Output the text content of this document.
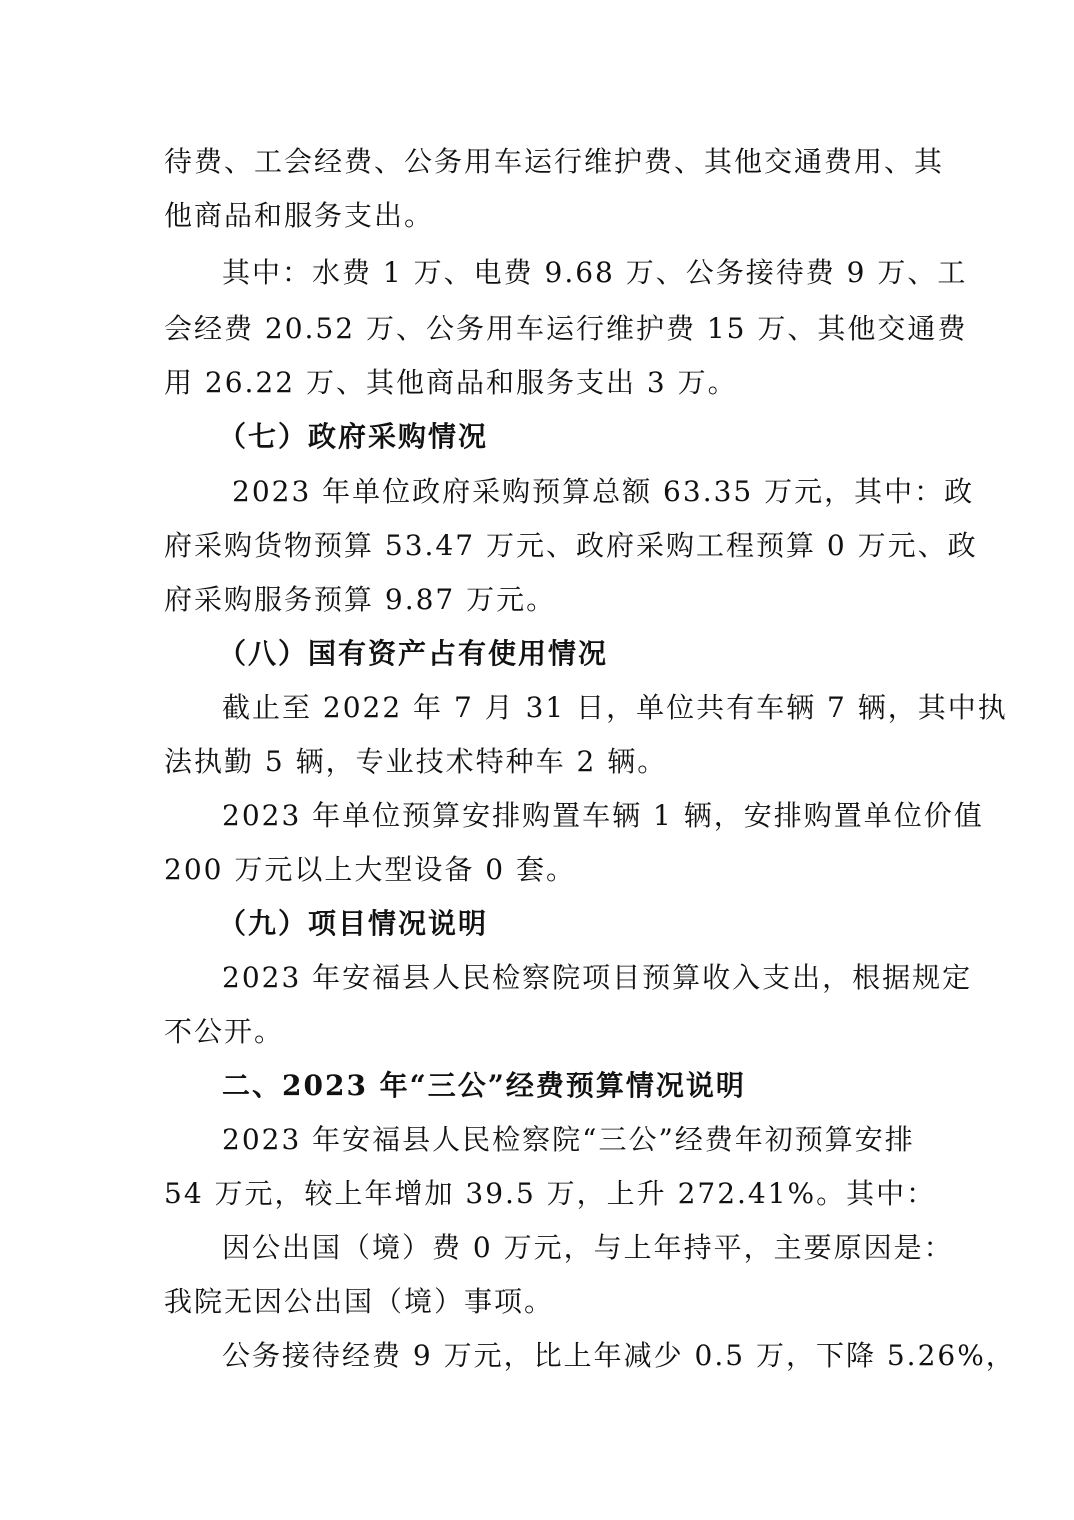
待费、工会经费、公务用车运行维护费、其他交通费用、其
他商品和服务支出。
其中：水费 1 万、电费 9.68 万、公务接待费 9 万、工
会经费 20.52 万、公务用车运行维护费 15 万、其他交通费
用 26.22 万、其他商品和服务支出 3 万。
（七）政府采购情况
2023 年单位政府采购预算总额 63.35 万元，其中：政
府采购货物预算 53.47 万元、政府采购工程预算 0 万元、政
府采购服务预算 9.87 万元。
（八）国有资产占有使用情况
截止至 2022 年 7 月 31 日，单位共有车辆 7 辆，其中执
法执勤 5 辆，专业技术特种车 2 辆。
2023 年单位预算安排购置车辆 1 辆，安排购置单位价值
200 万元以上大型设备 0 套。
（九）项目情况说明
2023 年安福县人民检察院项目预算收入支出，根据规定
不公开。
二、2023 年“三公”经费预算情况说明
2023 年安福县人民检察院“三公”经费年初预算安排
54 万元，较上年增加 39.5 万，上升 272.41%。其中：
因公出国（境）费 0 万元，与上年持平，主要原因是：
我院无因公出国（境）事项。
公务接待经费 9 万元，比上年减少 0.5 万，下降 5.26%，
